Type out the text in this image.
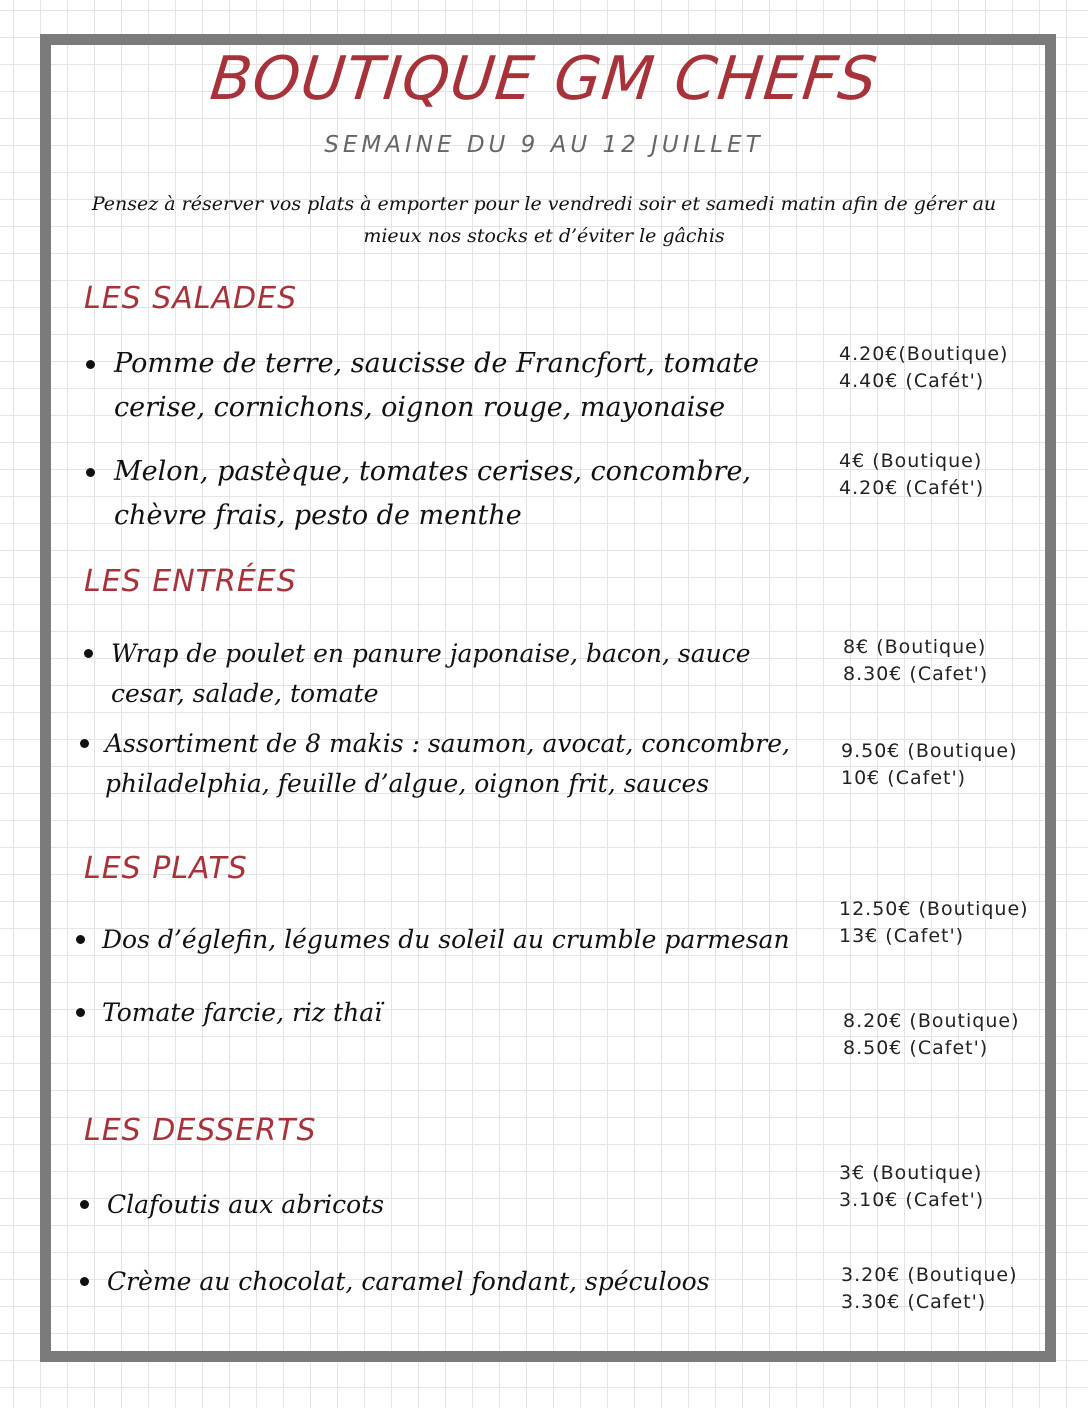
BOUTIQUE GM CHEFS
SEMAINE DU 9 AU 12 JUILLET
Pensez à réserver vos plats à emporter pour le vendredi soir et samedi matin afin de gérer au mieux nos stocks et d’éviter le gâchis
LES SALADES
Pomme de terre, saucisse de Francfort, tomate cerise, cornichons, oignon rouge, mayonaise
4.20€(Boutique)
4.40€ (Cafét')
Melon, pastèque, tomates cerises, concombre, chèvre frais, pesto de menthe
4€ (Boutique)
4.20€ (Cafét')
LES ENTRÉES
Wrap de poulet en panure japonaise, bacon, sauce cesar, salade, tomate
8€ (Boutique)
8.30€ (Cafet')
Assortiment de 8 makis : saumon, avocat, concombre, philadelphia, feuille d’algue, oignon frit, sauces
9.50€ (Boutique)
10€ (Cafet')
LES PLATS
Dos d’églefin, légumes du soleil au crumble parmesan
12.50€ (Boutique)
13€ (Cafet')
Tomate farcie, riz thaï	8.20€ (Boutique)
8.50€ (Cafet')
LES DESSERTS
Clafoutis aux abricots
3€ (Boutique)
3.10€ (Cafet')
Crème au chocolat, caramel fondant, spéculoos	3.20€ (Boutique)
3.30€ (Cafet')
